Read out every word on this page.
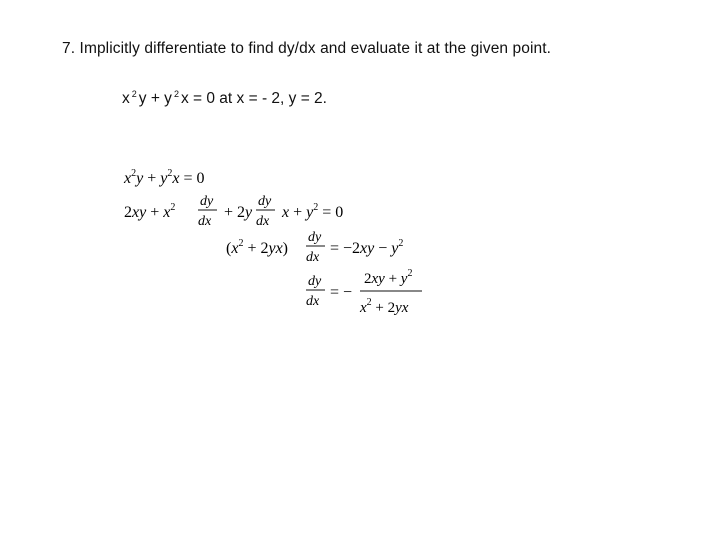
7. Implicitly differentiate to find dy/dx and evaluate it at the given point.
x $^2$ y + y $^2$ x = 0 at x = - 2, y = 2.
$x^2y + y^2x = 0$
$2xy + x^2$ dy
dx
+ 2y
dy
dx
$x + y^2 = 0$
$(x^2 + 2yx)$
dy
dx
= $-2xy - y^2$
dy
dx
= −
$2xy + y^2$
$x^2 + 2yx$
